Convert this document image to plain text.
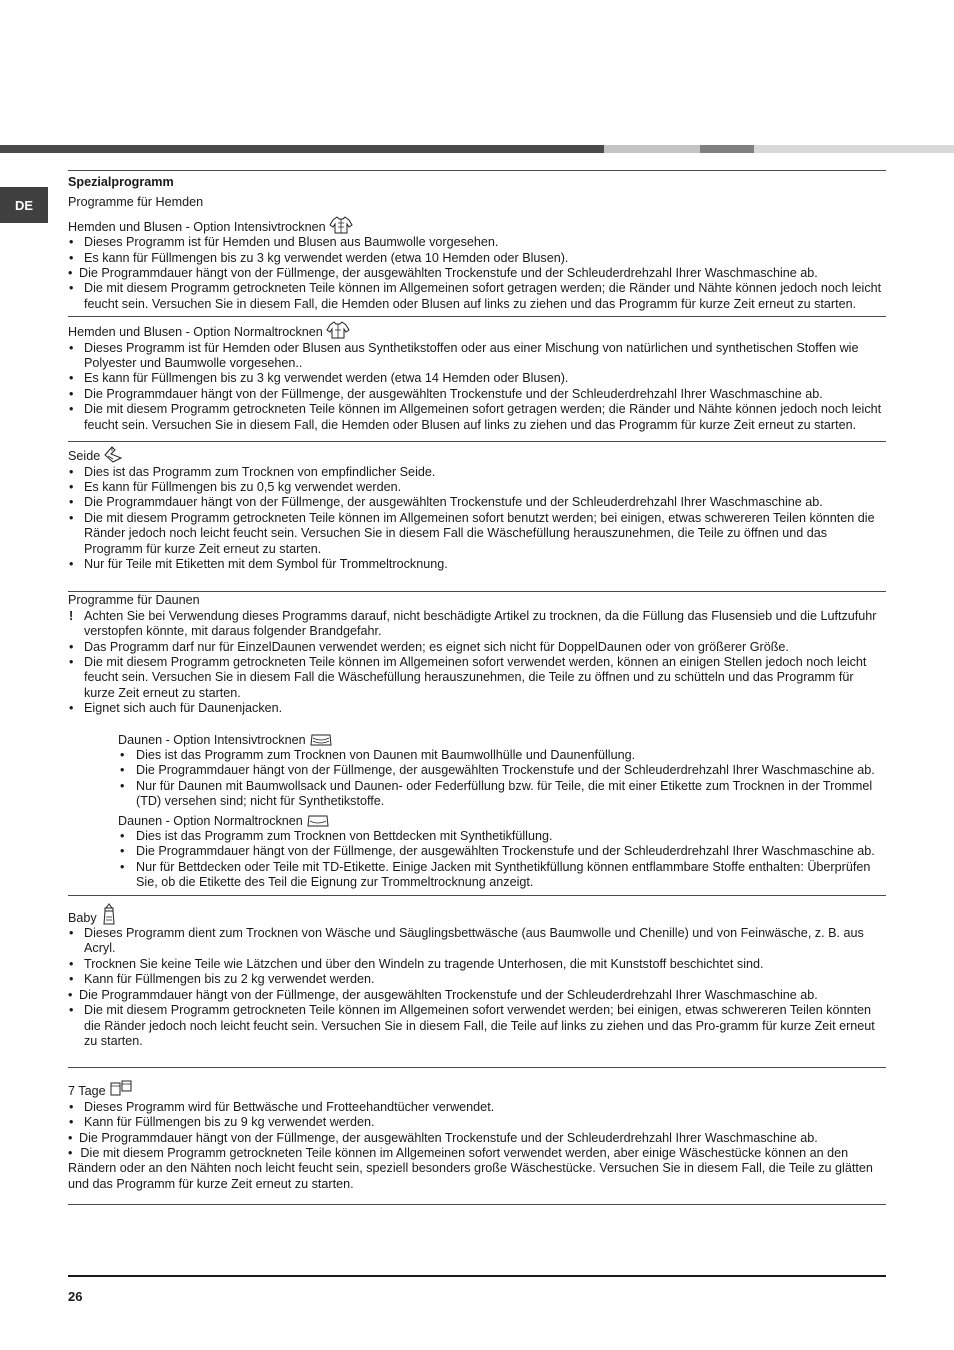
DE
Spezialprogramm
Programme für Hemden
Hemden und Blusen - Option Intensivtrocknen
• Dieses Programm ist für Hemden und Blusen aus Baumwolle vorgesehen.
• Es kann für Füllmengen bis zu 3 kg verwendet werden (etwa 10 Hemden oder Blusen).
• Die Programmdauer hängt von der Füllmenge, der ausgewählten Trockenstufe und der Schleuderdrehzahl Ihrer Waschmaschine ab.
• Die mit diesem Programm getrockneten Teile können im Allgemeinen sofort getragen werden; die Ränder und Nähte können jedoch noch leicht feucht sein. Versuchen Sie in diesem Fall, die Hemden oder Blusen auf links zu ziehen und das Programm für kurze Zeit erneut zu starten.
Hemden und Blusen - Option Normaltrocknen
• Dieses Programm ist für Hemden oder Blusen aus Synthetikstoffen oder aus einer Mischung von natürlichen und synthetischen Stoffen wie Polyester und Baumwolle vorgesehen..
• Es kann für Füllmengen bis zu 3 kg verwendet werden (etwa 14 Hemden oder Blusen).
• Die Programmdauer hängt von der Füllmenge, der ausgewählten Trockenstufe und der Schleuderdrehzahl Ihrer Waschmaschine ab.
• Die mit diesem Programm getrockneten Teile können im Allgemeinen sofort getragen werden; die Ränder und Nähte können jedoch noch leicht feucht sein. Versuchen Sie in diesem Fall, die Hemden oder Blusen auf links zu ziehen und das Programm für kurze Zeit erneut zu starten.
Seide
• Dies ist das Programm zum Trocknen von empfindlicher Seide.
• Es kann für Füllmengen bis zu 0,5 kg verwendet werden.
• Die Programmdauer hängt von der Füllmenge, der ausgewählten Trockenstufe und der Schleuderdrehzahl Ihrer Waschmaschine ab.
• Die mit diesem Programm getrockneten Teile können im Allgemeinen sofort benutzt werden; bei einigen, etwas schwereren Teilen könnten die Ränder jedoch noch leicht feucht sein. Versuchen Sie in diesem Fall die Wäschefüllung herauszunehmen, die Teile zu öffnen und das Programm für kurze Zeit erneut zu starten.
• Nur für Teile mit Etiketten mit dem Symbol für Trommeltrocknung.
Programme für Daunen
! Achten Sie bei Verwendung dieses Programms darauf, nicht beschädigte Artikel zu trocknen, da die Füllung das Flusensieb und die Luftzufuhr verstopfen könnte, mit daraus folgender Brandgefahr.
• Das Programm darf nur für EinzelDaunen verwendet werden; es eignet sich nicht für DoppelDaunen oder von größerer Größe.
• Die mit diesem Programm getrockneten Teile können im Allgemeinen sofort verwendet werden, können an einigen Stellen jedoch noch leicht feucht sein. Versuchen Sie in diesem Fall die Wäschefüllung herauszunehmen, die Teile zu öffnen und zu schütteln und das Programm für kurze Zeit erneut zu starten.
• Eignet sich auch für Daunenjacken.
Daunen - Option Intensivtrocknen
• Dies ist das Programm zum Trocknen von Daunen mit Baumwollhülle und Daunenfüllung.
• Die Programmdauer hängt von der Füllmenge, der ausgewählten Trockenstufe und der Schleuderdrehzahl Ihrer Waschmaschine ab.
• Nur für Daunen mit Baumwollsack und Daunen- oder Federfüllung bzw. für Teile, die mit einer Etikette zum Trocknen in der Trommel (TD) versehen sind; nicht für Synthetikstoffe.
Daunen - Option Normaltrocknen
• Dies ist das Programm zum Trocknen von Bettdecken mit Synthetikfüllung.
• Die Programmdauer hängt von der Füllmenge, der ausgewählten Trockenstufe und der Schleuderdrehzahl Ihrer Waschmaschine ab.
• Nur für Bettdecken oder Teile mit TD-Etikette. Einige Jacken mit Synthetikfüllung können entflammbare Stoffe enthalten: Überprüfen Sie, ob die Etikette des Teil die Eignung zur Trommeltrocknung anzeigt.
Baby
• Dieses Programm dient zum Trocknen von Wäsche und Säuglingsbettwäsche (aus Baumwolle und Chenille) und von Feinwäsche, z. B. aus Acryl.
• Trocknen Sie keine Teile wie Lätzchen und über den Windeln zu tragende Unterhosen, die mit Kunststoff beschichtet sind.
• Kann für Füllmengen bis zu 2 kg verwendet werden.
• Die Programmdauer hängt von der Füllmenge, der ausgewählten Trockenstufe und der Schleuderdrehzahl Ihrer Waschmaschine ab.
• Die mit diesem Programm getrockneten Teile können im Allgemeinen sofort verwendet werden; bei einigen, etwas schwereren Teilen könnten die Ränder jedoch noch leicht feucht sein. Versuchen Sie in diesem Fall, die Teile auf links zu ziehen und das Pro-gramm für kurze Zeit erneut zu starten.
7 Tage
• Dieses Programm wird für Bettwäsche und Frotteehandtücher verwendet.
• Kann für Füllmengen bis zu 9 kg verwendet werden.
• Die Programmdauer hängt von der Füllmenge, der ausgewählten Trockenstufe und der Schleuderdrehzahl Ihrer Waschmaschine ab.
• Die mit diesem Programm getrockneten Teile können im Allgemeinen sofort verwendet werden, aber einige Wäschestücke können an den Rändern oder an den Nähten noch leicht feucht sein, speziell besonders große Wäschestücke. Versuchen Sie in diesem Fall, die Teile zu glätten und das Programm für kurze Zeit erneut zu starten.
26
